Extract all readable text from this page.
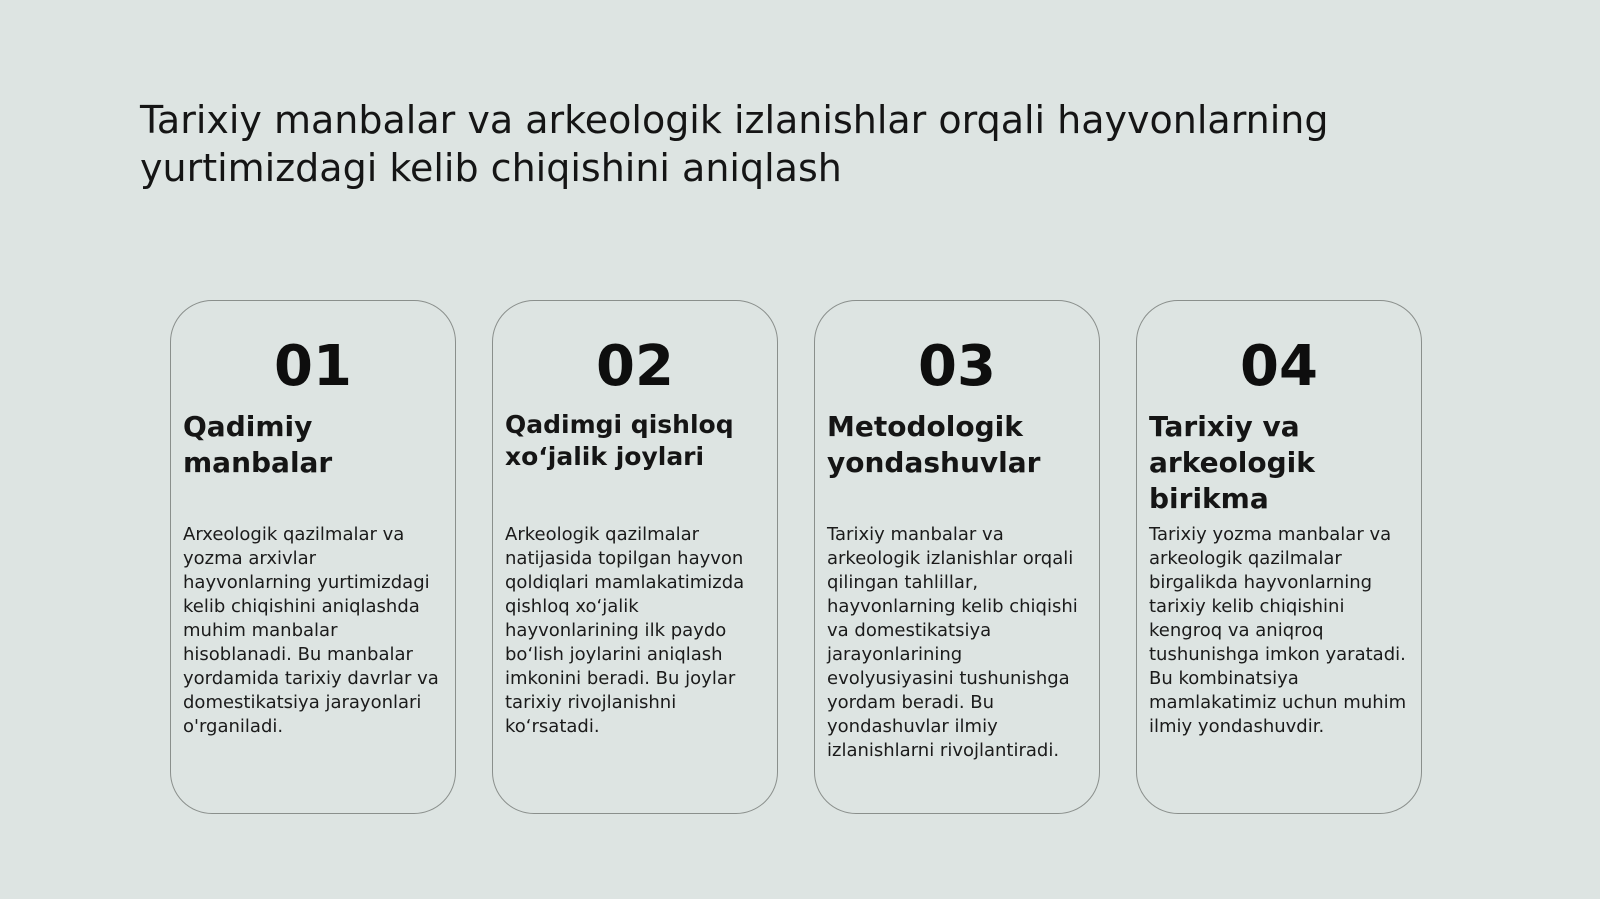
Tarixiy manbalar va arkeologik izlanishlar orqali hayvonlarning yurtimizdagi kelib chiqishini aniqlash
01
Qadimiy manbalar
Arxeologik qazilmalar va yozma arxivlar hayvonlarning yurtimizdagi kelib chiqishini aniqlashda muhim manbalar hisoblanadi. Bu manbalar yordamida tarixiy davrlar va domestikatsiya jarayonlari o'rganiladi.
02
Qadimgi qishloq xo‘jalik joylari
Arkeologik qazilmalar natijasida topilgan hayvon qoldiqlari mamlakatimizda qishloq xo‘jalik hayvonlarining ilk paydo bo‘lish joylarini aniqlash imkonini beradi. Bu joylar tarixiy rivojlanishni ko‘rsatadi.
03
Metodologik yondashuvlar
Tarixiy manbalar va arkeologik izlanishlar orqali qilingan tahlillar, hayvonlarning kelib chiqishi va domestikatsiya jarayonlarining evolyusiyasini tushunishga yordam beradi. Bu yondashuvlar ilmiy izlanishlarni rivojlantiradi.
04
Tarixiy va arkeologik birikma
Tarixiy yozma manbalar va arkeologik qazilmalar birgalikda hayvonlarning tarixiy kelib chiqishini kengroq va aniqroq tushunishga imkon yaratadi. Bu kombinatsiya mamlakatimiz uchun muhim ilmiy yondashuvdir.
